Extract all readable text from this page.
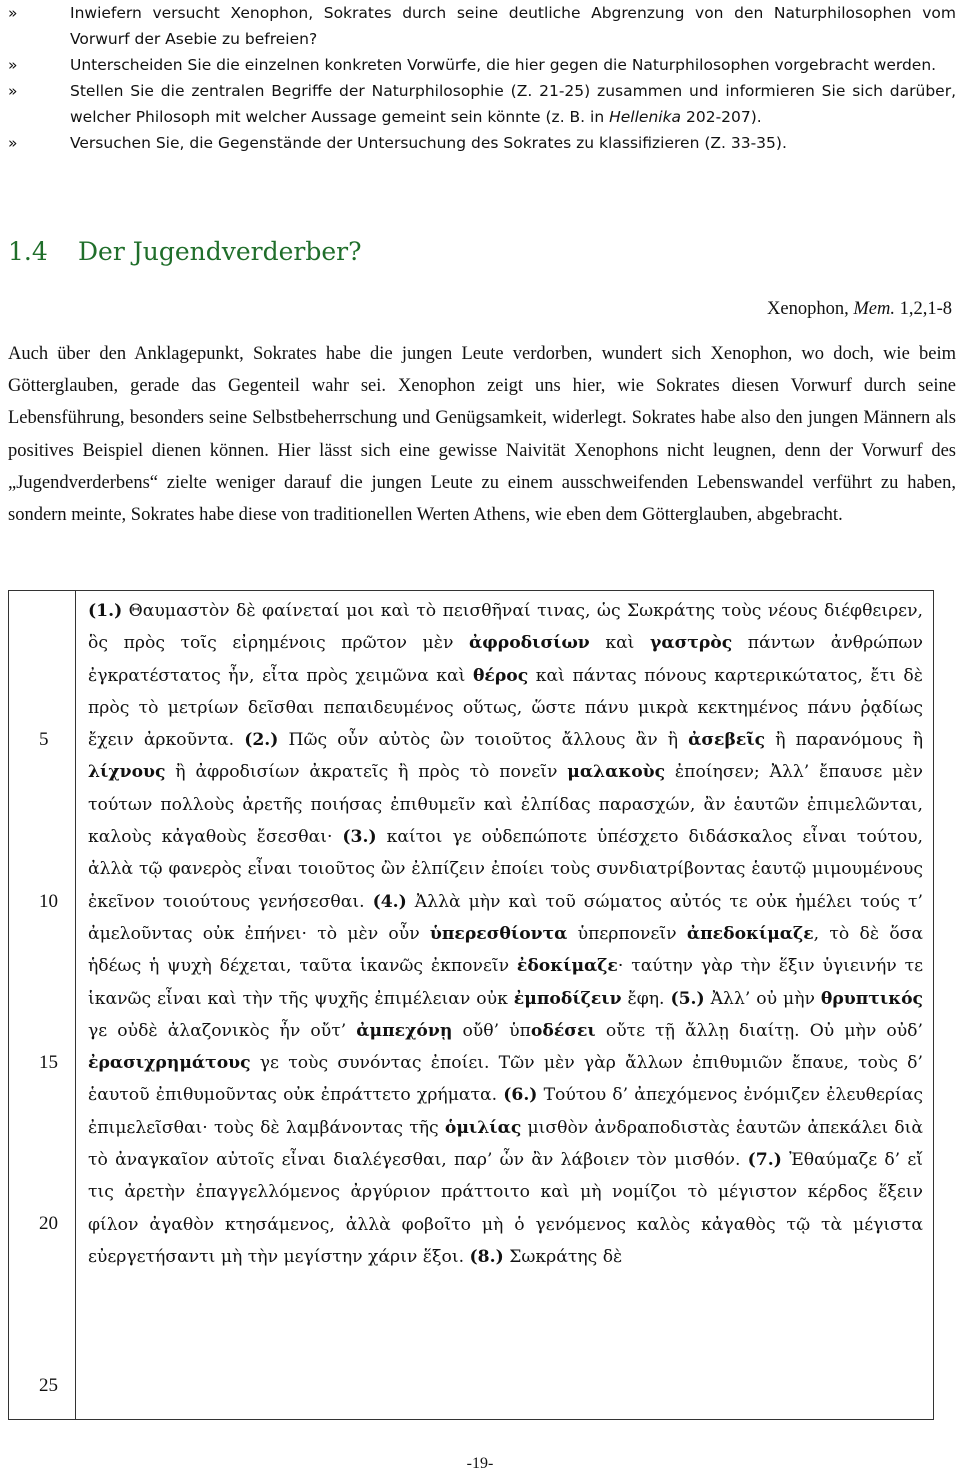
»	Inwiefern versucht Xenophon, Sokrates durch seine deutliche Abgrenzung von den Naturphilosophen vom Vorwurf der Asebie zu befreien?
»	Unterscheiden Sie die einzelnen konkreten Vorwürfe, die hier gegen die Naturphilosophen vorgebracht werden.
»	Stellen Sie die zentralen Begriffe der Naturphilosophie (Z. 21-25) zusammen und informieren Sie sich darüber, welcher Philosoph mit welcher Aussage gemeint sein könnte (z. B. in Hellenika 202-207).
»	Versuchen Sie, die Gegenstände der Untersuchung des Sokrates zu klassifizieren (Z. 33-35).
1.4 Der Jugendverderber?
Xenophon, Mem. 1,2,1-8

Auch über den Anklagepunkt, Sokrates habe die jungen Leute verdorben, wundert sich Xenophon, wo doch, wie beim Götterglauben, gerade das Gegenteil wahr sei. Xenophon zeigt uns hier, wie Sokrates diesen Vorwurf durch seine Lebensführung, besonders seine Selbstbeherrschung und Genügsamkeit, widerlegt. Sokrates habe also den jungen Männern als positives Beispiel dienen können. Hier lässt sich eine gewisse Naivität Xenophons nicht leugnen, denn der Vorwurf des „Jugendverderbens“ zielte weniger darauf die jungen Leute zu einem ausschweifenden Lebenswandel verführt zu haben, sondern meinte, Sokrates habe diese von traditionellen Werten Athens, wie eben dem Götterglauben, abgebracht.

5
10
15
20
25
(1.) Θαυμαστὸν δὲ φαίνεταί μοι καὶ τὸ πεισθῆναί τινας, ὡς Σωκράτης τοὺς νέους διέφθειρεν, ὃς πρὸς τοῖς εἰρημένοις πρῶτον μὲν ἀφροδισίων καὶ γαστρὸς πάντων ἀνθρώπων ἐγκρατέστατος ἦν, εἶτα πρὸς χειμῶνα καὶ θέρος καὶ πάντας πόνους καρτερικώτατος, ἔτι δὲ πρὸς τὸ μετρίων δεῖσθαι πεπαιδευμένος οὕτως, ὥστε πάνυ μικρὰ κεκτημένος πάνυ ῥᾳδίως ἔχειν ἀρκοῦντα. (2.) Πῶς οὖν αὐτὸς ὢν τοιοῦτος ἄλλους ἂν ἢ ἀσεβεῖς ἢ παρανόμους ἢ λίχνους ἢ ἀφροδισίων ἀκρατεῖς ἢ πρὸς τὸ πονεῖν μαλακοὺς ἐποίησεν; Ἀλλ’ ἔπαυσε μὲν τούτων πολλοὺς ἀρετῆς ποιήσας ἐπιθυμεῖν καὶ ἐλπίδας παρασχών, ἂν ἑαυτῶν ἐπιμελῶνται, καλοὺς κἀγαθοὺς ἔσεσθαι· (3.) καίτοι γε οὐδεπώποτε ὑπέσχετο διδάσκαλος εἶναι τούτου, ἀλλὰ τῷ φανερὸς εἶναι τοιοῦτος ὢν ἐλπίζειν ἐποίει τοὺς συνδιατρίβοντας ἑαυτῷ μιμουμένους ἐκεῖνον τοιούτους γενήσεσθαι. (4.) Ἀλλὰ μὴν καὶ τοῦ σώματος αὐτός τε οὐκ ἠμέλει τούς τ’ ἀμελοῦντας οὐκ ἐπήνει· τὸ μὲν οὖν ὑπερεσθίοντα ὑπερπονεῖν ἀπεδοκίμαζε, τὸ δὲ ὅσα ἡδέως ἡ ψυχὴ δέχεται, ταῦτα ἱκανῶς ἐκπονεῖν ἐδοκίμαζε· ταύτην γὰρ τὴν ἕξιν ὑγιεινήν τε ἱκανῶς εἶναι καὶ τὴν τῆς ψυχῆς ἐπιμέλειαν οὐκ ἐμποδίζειν ἔφη. (5.) Ἀλλ’ οὐ μὴν θρυπτικός γε οὐδὲ ἀλαζονικὸς ἦν οὔτ’ ἀμπεχόνῃ οὔθ’ ὑποδέσει οὔτε τῇ ἄλλῃ διαίτῃ. Οὐ μὴν οὐδ’ ἐρασιχρημάτους γε τοὺς συνόντας ἐποίει. Τῶν μὲν γὰρ ἄλλων ἐπιθυμιῶν ἔπαυε, τοὺς δ’ ἑαυτοῦ ἐπιθυμοῦντας οὐκ ἐπράττετο χρήματα. (6.) Τούτου δ’ ἀπεχόμενος ἐνόμιζεν ἐλευθερίας ἐπιμελεῖσθαι· τοὺς δὲ λαμβάνοντας τῆς ὁμιλίας μισθὸν ἀνδραποδιστὰς ἑαυτῶν ἀπεκάλει διὰ τὸ ἀναγκαῖον αὐτοῖς εἶναι διαλέγεσθαι, παρ’ ὧν ἂν λάβοιεν τὸν μισθόν. (7.) Ἐθαύμαζε δ’ εἴ τις ἀρετὴν ἐπαγγελλόμενος ἀργύριον πράττοιτο καὶ μὴ νομίζοι τὸ μέγιστον κέρδος ἕξειν φίλον ἀγαθὸν κτησάμενος, ἀλλὰ φοβοῖτο μὴ ὁ γενόμενος καλὸς κἀγαθὸς τῷ τὰ μέγιστα εὐεργετήσαντι μὴ τὴν μεγίστην χάριν ἕξοι. (8.) Σωκράτης δὲ
-19-
